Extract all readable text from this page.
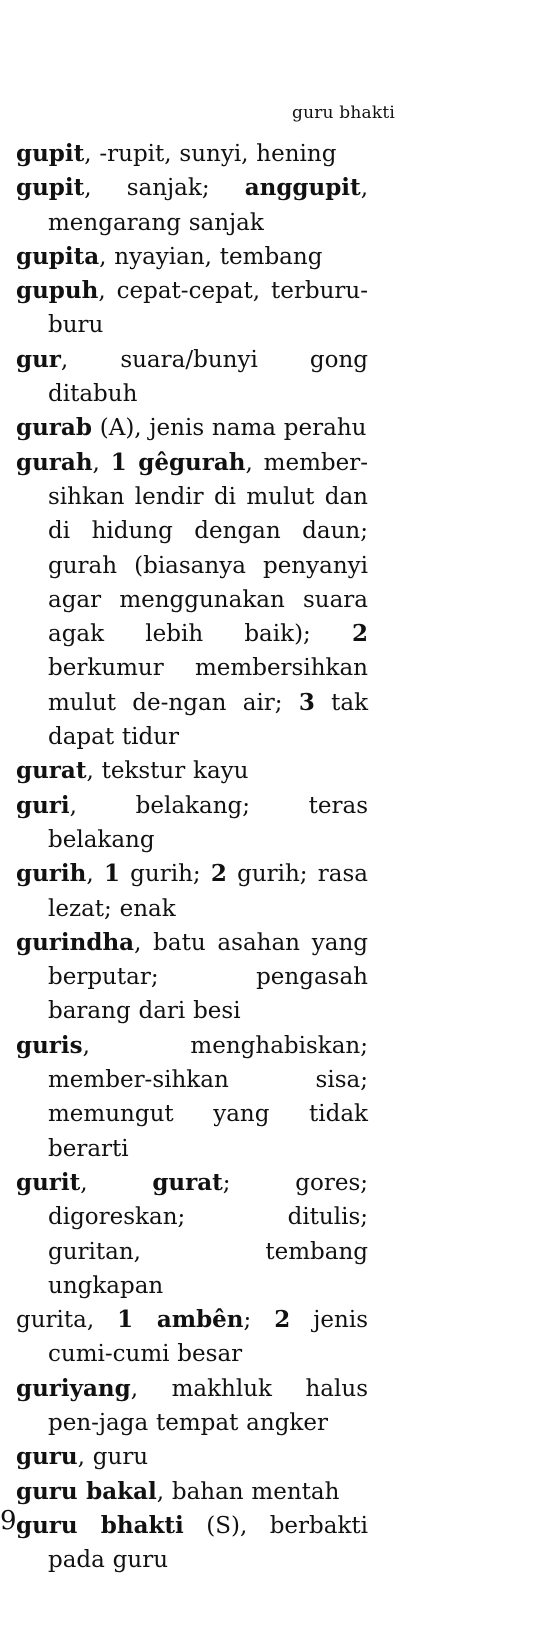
guru bhakti
gupit, -rupit, sunyi, hening
gupit, sanjak; anggupit, mengarang sanjak
gupita, nyayian, tembang
gupuh, cepat-cepat, terburu-buru
gur, suara/bunyi gong ditabuh
gurab (A), jenis nama perahu
gurah, 1 gêgurah, member-sihkan lendir di mulut dan di hidung dengan daun; gurah (biasanya penyanyi agar menggunakan suara agak lebih baik); 2 berkumur membersihkan mulut de-ngan air; 3 tak dapat tidur
gurat, tekstur kayu
guri, belakang; teras belakang
gurih, 1 gurih; 2 gurih; rasa lezat; enak
gurindha, batu asahan yang berputar; pengasah barang dari besi
guris, menghabiskan; member-sihkan sisa; memungut yang tidak berarti
gurit, gurat; gores; digoreskan; ditulis; guritan, tembang ungkapan
gurita, 1 ambên; 2 jenis cumi-cumi besar
guriyang, makhluk halus pen-jaga tempat angker
guru, guru
guru bakal, bahan mentah
guru bhakti (S), berbakti pada guru
9
